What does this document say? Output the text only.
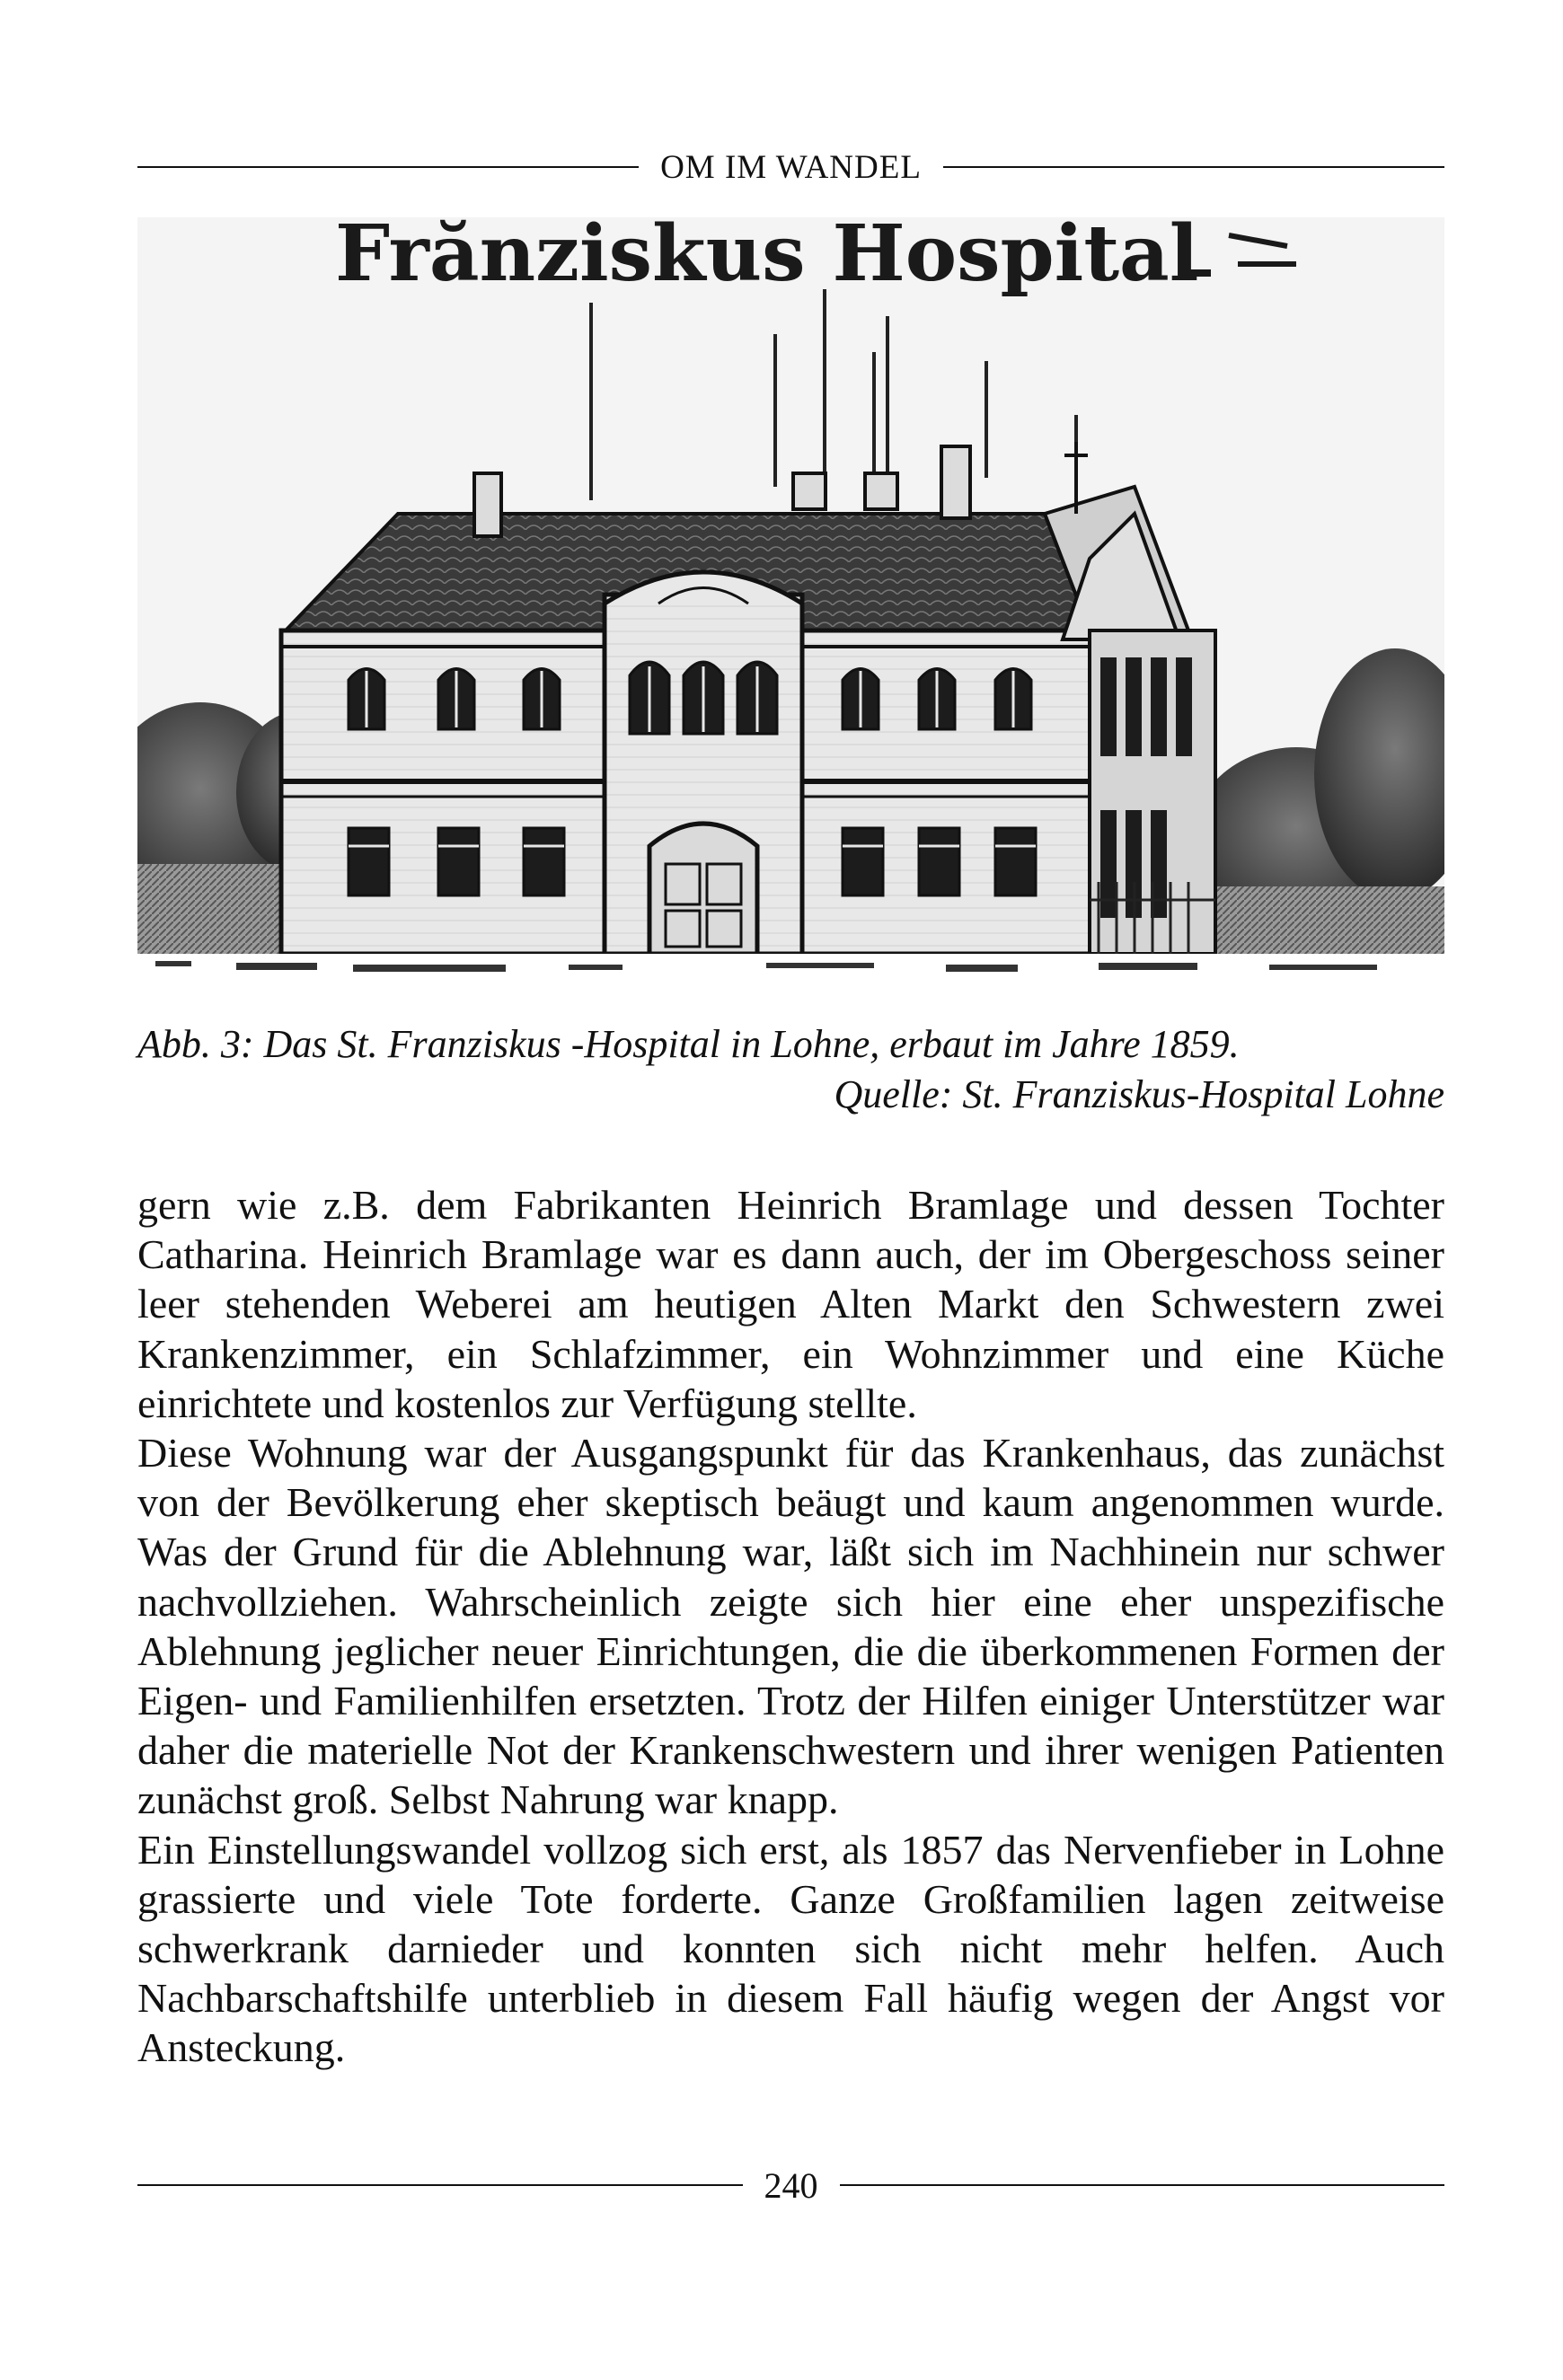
OM IM WANDEL
Frӑnziskus Hospital
Abb. 3: Das St. Franziskus -Hospital in Lohne, erbaut im Jahre 1859.
Quelle: St. Franziskus-Hospital Lohne

gern wie z.B. dem Fabrikanten Heinrich Bramlage und dessen Tochter Catharina. Heinrich Bramlage war es dann auch, der im Obergeschoss seiner leer stehenden Weberei am heutigen Alten Markt den Schwestern zwei Krankenzimmer, ein Schlafzimmer, ein Wohnzimmer und eine Küche einrichtete und kostenlos zur Verfügung stellte.

Diese Wohnung war der Ausgangspunkt für das Krankenhaus, das zunächst von der Bevölkerung eher skeptisch beäugt und kaum angenommen wurde. Was der Grund für die Ablehnung war, läßt sich im Nachhinein nur schwer nachvollziehen. Wahrscheinlich zeigte sich hier eine eher unspezifische Ablehnung jeglicher neuer Einrichtungen, die die überkommenen Formen der Eigen- und Familienhilfen ersetzten. Trotz der Hilfen einiger Unterstützer war daher die materielle Not der Krankenschwestern und ihrer wenigen Patienten zunächst groß. Selbst Nahrung war knapp.

Ein Einstellungswandel vollzog sich erst, als 1857 das Nervenfieber in Lohne grassierte und viele Tote forderte. Ganze Großfamilien lagen zeitweise schwerkrank darnieder und konnten sich nicht mehr helfen. Auch Nachbarschaftshilfe unterblieb in diesem Fall häufig wegen der Angst vor Ansteckung.

240
